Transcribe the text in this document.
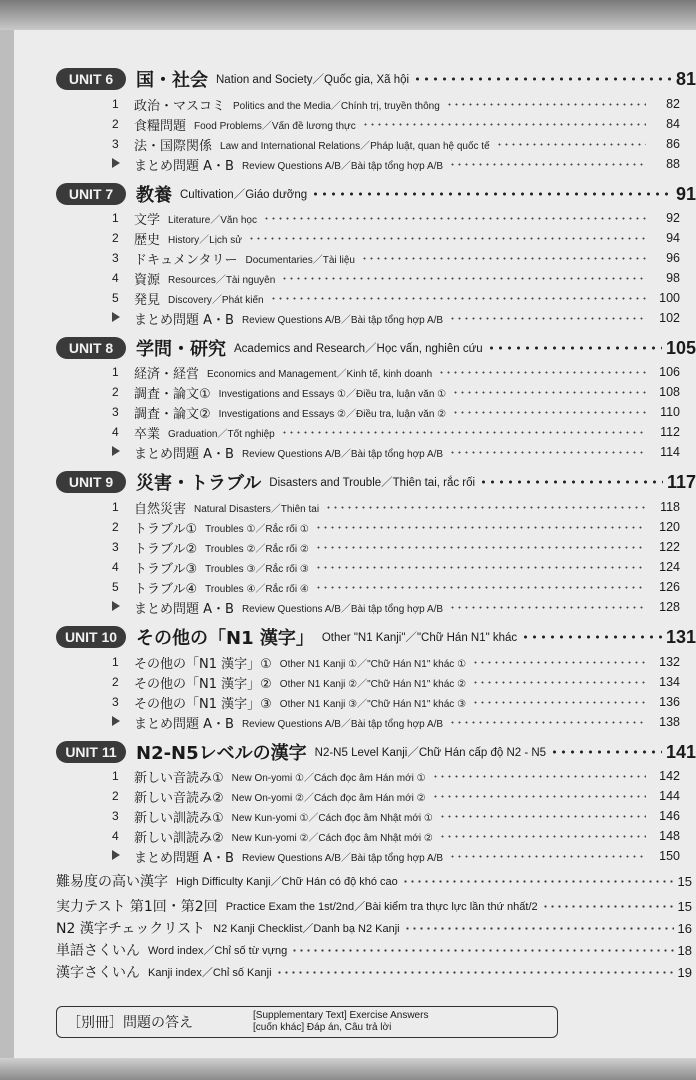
UNIT 6	国・社会 Nation and Society／Quốc gia, Xã hội	81
1	政治・マスコミ Politics and the Media／Chính trị, truyền thông	82
2	食糧問題 Food Problems／Vấn đề lương thực	84
3	法・国際関係 Law and International Relations／Pháp luật, quan hệ quốc tế	86
まとめ問題 A・B Review Questions A/B／Bài tập tổng hợp A/B	88
UNIT 7	教養 Cultivation／Giáo dưỡng	91
1	文学 Literature／Văn học	92
2	歴史 History／Lịch sử	94
3	ドキュメンタリー Documentaries／Tài liệu	96
4	資源 Resources／Tài nguyên	98
5	発見 Discovery／Phát kiến	100
まとめ問題 A・B Review Questions A/B／Bài tập tổng hợp A/B	102
UNIT 8	学問・研究 Academics and Research／Học vấn, nghiên cứu	105
1	経済・経営 Economics and Management／Kinh tế, kinh doanh	106
2	調査・論文① Investigations and Essays ①／Điều tra, luận văn ①	108
3	調査・論文② Investigations and Essays ②／Điều tra, luận văn ②	110
4	卒業 Graduation／Tốt nghiệp	112
まとめ問題 A・B Review Questions A/B／Bài tập tổng hợp A/B	114
UNIT 9	災害・トラブル Disasters and Trouble／Thiên tai, rắc rối	117
1	自然災害 Natural Disasters／Thiên tai	118
2	トラブル① Troubles ①／Rắc rối ①	120
3	トラブル② Troubles ②／Rắc rối ②	122
4	トラブル③ Troubles ③／Rắc rối ③	124
5	トラブル④ Troubles ④／Rắc rối ④	126
まとめ問題 A・B Review Questions A/B／Bài tập tổng hợp A/B	128
UNIT 10	その他の「N1 漢字」 Other "N1 Kanji"／"Chữ Hán N1" khác	131
1	その他の「N1 漢字」① Other N1 Kanji ①／"Chữ Hán N1" khác ①	132
2	その他の「N1 漢字」② Other N1 Kanji ②／"Chữ Hán N1" khác ②	134
3	その他の「N1 漢字」③ Other N1 Kanji ③／"Chữ Hán N1" khác ③	136
まとめ問題 A・B Review Questions A/B／Bài tập tổng hợp A/B	138
UNIT 11	N2-N5レベルの漢字 N2-N5 Level Kanji／Chữ Hán cấp độ N2 - N5	141
1	新しい音読み① New On-yomi ①／Cách đọc âm Hán mới ①	142
2	新しい音読み② New On-yomi ②／Cách đọc âm Hán mới ②	144
3	新しい訓読み① New Kun-yomi ①／Cách đọc âm Nhật mới ①	146
4	新しい訓読み② New Kun-yomi ②／Cách đọc âm Nhật mới ②	148
まとめ問題 A・B Review Questions A/B／Bài tập tổng hợp A/B	150
難易度の高い漢字 High Difficulty Kanji／Chữ Hán có độ khó cao	15
実力テスト 第1回・第2回 Practice Exam the 1st/2nd／Bài kiểm tra thực lực lần thứ nhất/2	15
N2 漢字チェックリスト N2 Kanji Checklist／Danh bạ N2 Kanji	16
単語さくいん Word index／Chỉ số từ vựng	18
漢字さくいん Kanji index／Chỉ số Kanji	19
［別冊］問題の答え	[Supplementary Text] Exercise Answers
[cuốn khác] Đáp án, Câu trả lời
